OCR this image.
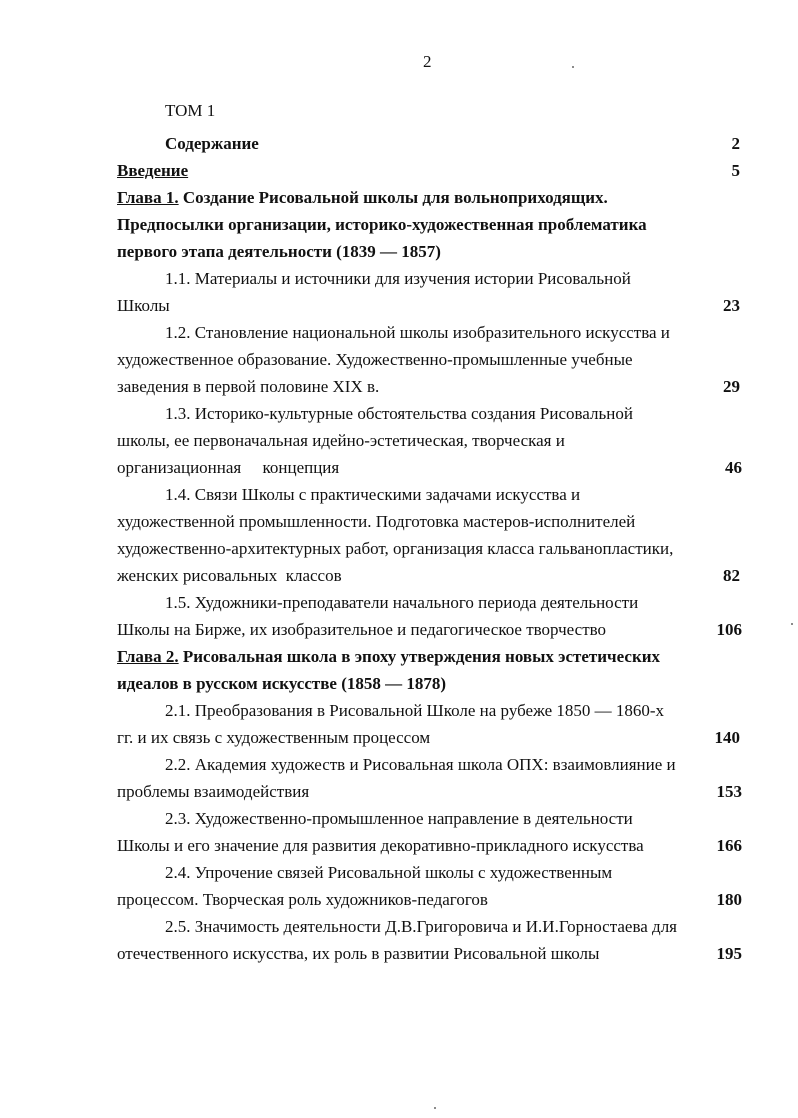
2
ТОМ 1
Содержание	2
Введение	5
Глава 1. Создание Рисовальной школы для вольноприходящих.
Предпосылки организации, историко-художественная проблематика
первого этапа деятельности (1839 — 1857)
1.1. Материалы и источники для изучения истории Рисовальной
Школы	23
1.2. Становление национальной школы изобразительного искусства и
художественное образование. Художественно-промышленные учебные
заведения в первой половине XIX в.	29
1.3. Историко-культурные обстоятельства создания Рисовальной
школы, ее первоначальная идейно-эстетическая, творческая и
организационная     концепция	46
1.4. Связи Школы с практическими задачами искусства и
художественной промышленности. Подготовка мастеров-исполнителей
художественно-архитектурных работ, организация класса гальванопластики,
женских рисовальных  классов	82
1.5. Художники-преподаватели начального периода деятельности
Школы на Бирже, их изобразительное и педагогическое творчество	106
Глава 2. Рисовальная школа в эпоху утверждения новых эстетических
идеалов в русском искусстве (1858 — 1878)
2.1. Преобразования в Рисовальной Школе на рубеже 1850 — 1860-х
гг. и их связь с художественным процессом	140
2.2. Академия художеств и Рисовальная школа ОПХ: взаимовлияние и
проблемы взаимодействия	153
2.3. Художественно-промышленное направление в деятельности
Школы и его значение для развития декоративно-прикладного искусства	166
2.4. Упрочение связей Рисовальной школы с художественным
процессом. Творческая роль художников-педагогов	180
2.5. Значимость деятельности Д.В.Григоровича и И.И.Горностаева для
отечественного искусства, их роль в развитии Рисовальной школы	195
